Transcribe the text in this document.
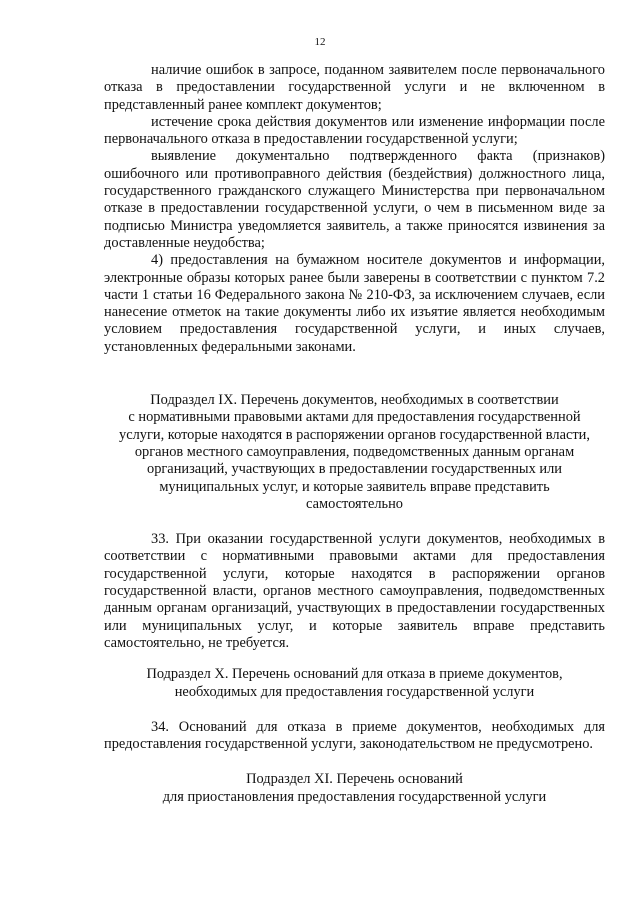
12

наличие ошибок в запросе, поданном заявителем после первоначального отказа в предоставлении государственной услуги и не включенном в представленный ранее комплект документов;

истечение срока действия документов или изменение информации после первоначального отказа в предоставлении государственной услуги;

выявление документально подтвержденного факта (признаков) ошибочного или противоправного действия (бездействия) должностного лица, государственного гражданского служащего Министерства при первоначальном отказе в предоставлении государственной услуги, о чем в письменном виде за подписью Министра уведомляется заявитель, а также приносятся извинения за доставленные неудобства;

4) предоставления на бумажном носителе документов и информации, электронные образы которых ранее были заверены в соответствии с пунктом 7.2 части 1 статьи 16 Федерального закона № 210-ФЗ, за исключением случаев, если нанесение отметок на такие документы либо их изъятие является необходимым условием предоставления государственной услуги, и иных случаев, установленных федеральными законами.

Подраздел IX. Перечень документов, необходимых в соответствии
с нормативными правовыми актами для предоставления государственной
услуги, которые находятся в распоряжении органов государственной власти,
органов местного самоуправления, подведомственных данным органам
организаций, участвующих в предоставлении государственных или
муниципальных услуг, и которые заявитель вправе представить
самостоятельно

33. При оказании государственной услуги документов, необходимых в соответствии с нормативными правовыми актами для предоставления государственной услуги, которые находятся в распоряжении органов государственной власти, органов местного самоуправления, подведомственных данным органам организаций, участвующих в предоставлении государственных или муниципальных услуг, и которые заявитель вправе представить самостоятельно, не требуется.

Подраздел X. Перечень оснований для отказа в приеме документов,
необходимых для предоставления государственной услуги

34. Оснований для отказа в приеме документов, необходимых для предоставления государственной услуги, законодательством не предусмотрено.

Подраздел XI. Перечень оснований
для приостановления предоставления государственной услуги
